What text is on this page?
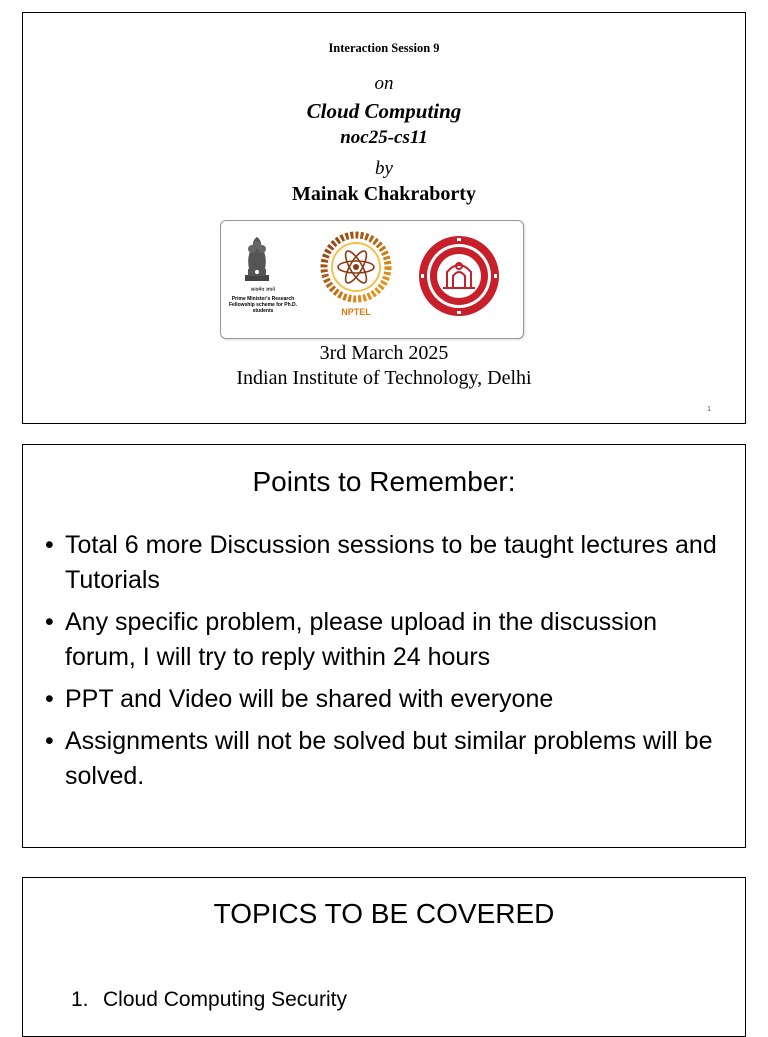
Interaction Session 9
on
Cloud Computing
noc25-cs11
by
Mainak Chakraborty
सत्यमेव जयते
Prime Minister's Research Fellowship scheme for Ph.D. students	NPTEL
3rd March 2025
Indian Institute of Technology, Delhi
1
Points to Remember:
• Total 6 more Discussion sessions to be taught lectures and Tutorials
• Any specific problem, please upload in the discussion forum, I will try to reply within 24 hours
• PPT and Video will be shared with everyone
• Assignments will not be solved but similar problems will be solved.
TOPICS TO BE COVERED
1. Cloud Computing Security
